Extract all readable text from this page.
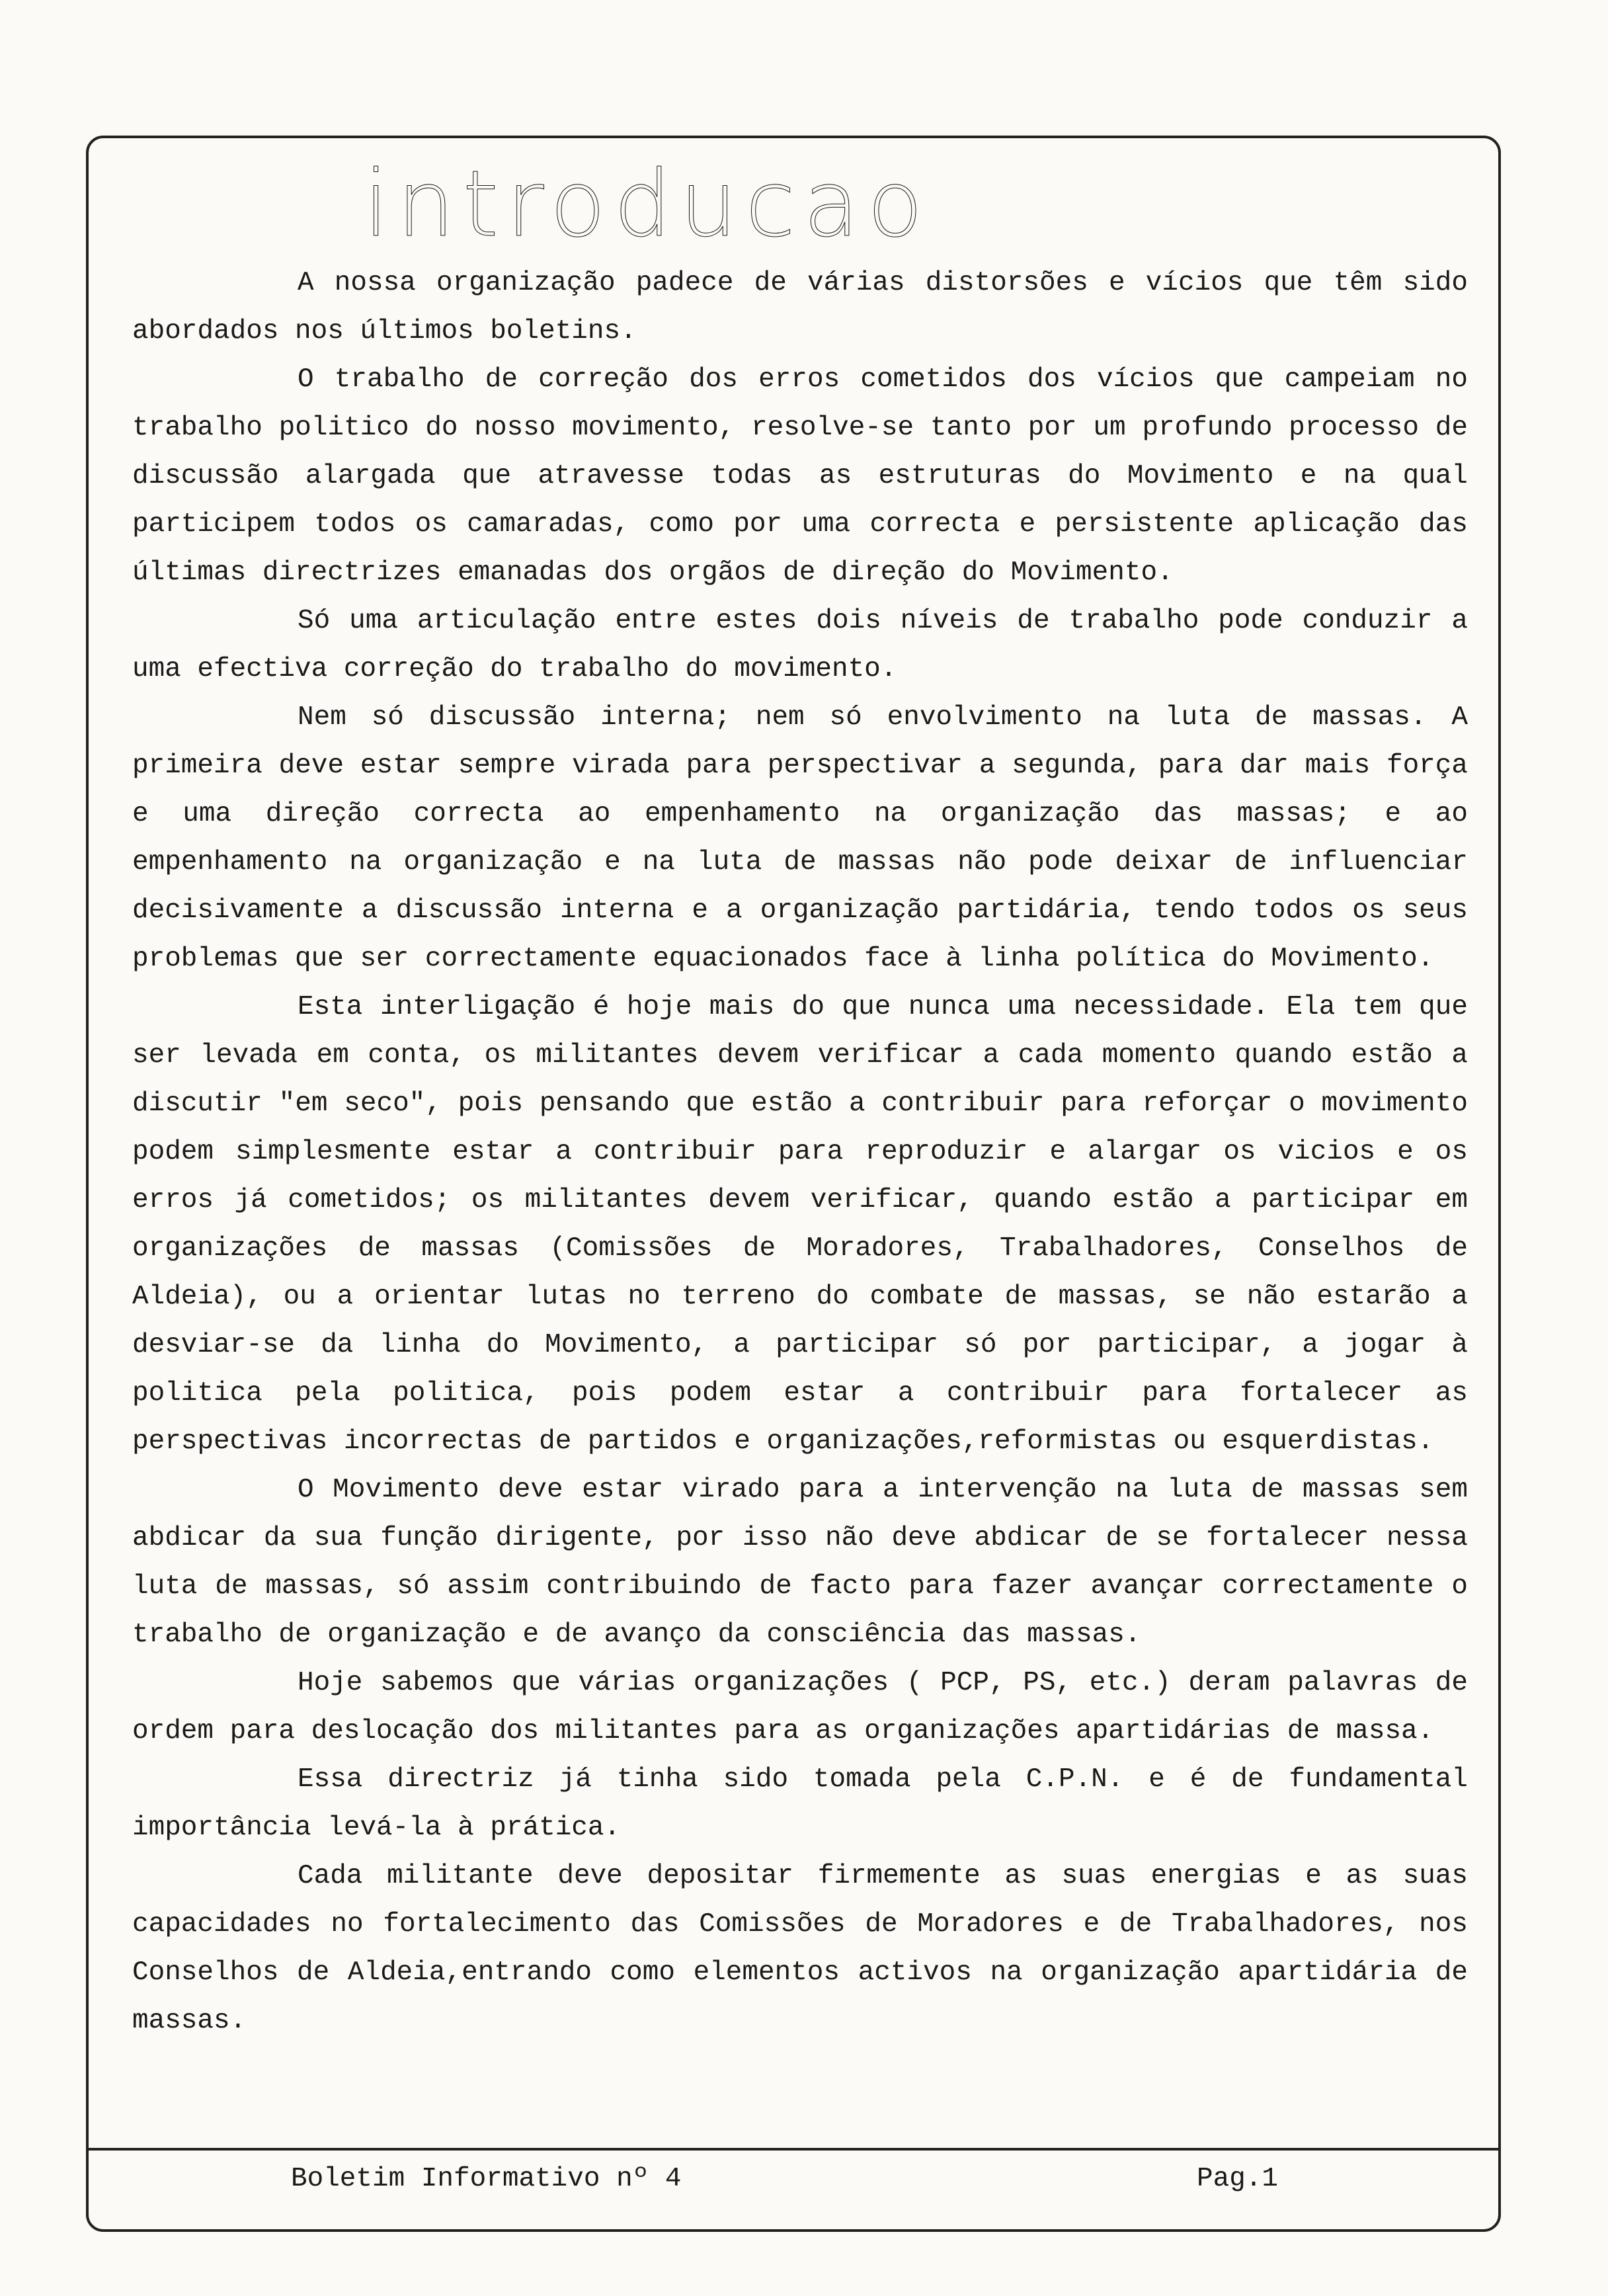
introducao

A nossa organização padece de várias distorsões e vícios que têm sido abordados nos últimos boletins.

O trabalho de correção dos erros cometidos dos vícios que campeiam no trabalho politico do nosso movimento, resolve-se tanto por um profundo processo de discussão alargada que atravesse todas as estruturas do Movimento e na qual participem todos os camaradas, como por uma correcta e persistente aplicação das últimas directrizes emanadas dos orgãos de direção do Movimento.

Só uma articulação entre estes dois níveis de trabalho pode conduzir a uma efectiva correção do trabalho do movimento.

Nem só discussão interna; nem só envolvimento na luta de massas. A primeira deve estar sempre virada para perspectivar a segunda, para dar mais força e uma direção correcta ao empenhamento na organização das massas; e ao empenhamento na organização e na luta de massas não pode deixar de influenciar decisivamente a discussão interna e a organização partidária, tendo todos os seus problemas que ser correctamente equacionados face à linha política do Movimento.

Esta interligação é hoje mais do que nunca uma necessidade. Ela tem que ser levada em conta, os militantes devem verificar a cada momento quando estão a discutir "em seco", pois pensando que estão a contribuir para reforçar o movimento podem simplesmente estar a contribuir para reproduzir e alargar os vicios e os erros já cometidos; os militantes devem verificar, quando estão a participar em organizações de massas (Comissões de Moradores, Trabalhadores, Conselhos de Aldeia), ou a orientar lutas no terreno do combate de massas, se não estarão a desviar-se da linha do Movimento, a participar só por participar, a jogar à politica pela politica, pois podem estar a contribuir para fortalecer as perspectivas incorrectas de partidos e organizações,reformistas ou esquerdistas.

O Movimento deve estar virado para a intervenção na luta de massas sem abdicar da sua função dirigente, por isso não deve abdicar de se fortalecer nessa luta de massas, só assim contribuindo de facto para fazer avançar correctamente o trabalho de organização e de avanço da consciência das massas.

Hoje sabemos que várias organizações ( PCP, PS, etc.) deram palavras de ordem para deslocação dos militantes para as organizações apartidárias de massa.

Essa directriz já tinha sido tomada pela C.P.N. e é de fundamental importância levá-la à prática.

Cada militante deve depositar firmemente as suas energias e as suas capacidades no fortalecimento das Comissões de Moradores e de Trabalhadores, nos Conselhos de Aldeia,entrando como elementos activos na organização apartidária de massas.

Boletim Informativo nº 4	Pag.1
